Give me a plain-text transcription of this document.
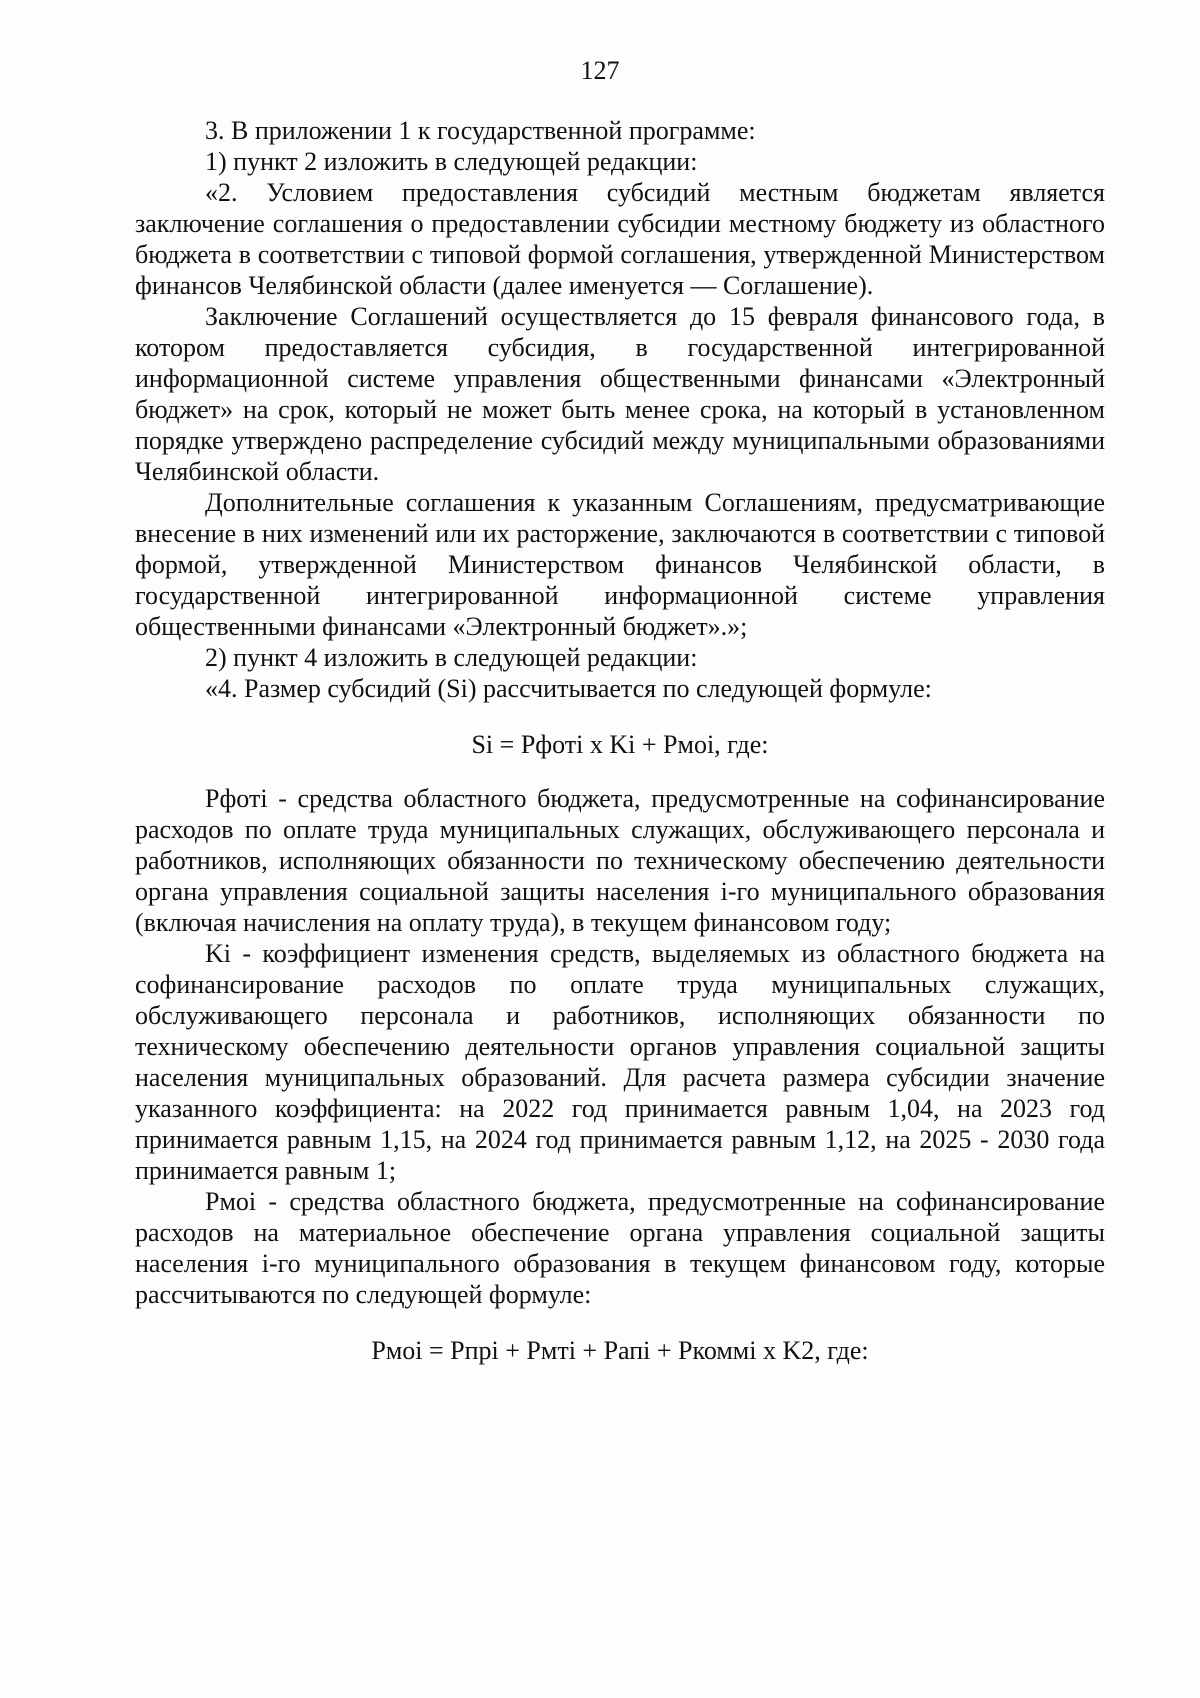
127

3. В приложении 1 к государственной программе:

1) пункт 2 изложить в следующей редакции:

«2. Условием предоставления субсидий местным бюджетам является заключение соглашения о предоставлении субсидии местному бюджету из областного бюджета в соответствии с типовой формой соглашения, утвержденной Министерством финансов Челябинской области (далее именуется — Соглашение).

Заключение Соглашений осуществляется до 15 февраля финансового года, в котором предоставляется субсидия, в государственной интегрированной информационной системе управления общественными финансами «Электронный бюджет» на срок, который не может быть менее срока, на который в установленном порядке утверждено распределение субсидий между муниципальными образованиями Челябинской области.

Дополнительные соглашения к указанным Соглашениям, предусматривающие внесение в них изменений или их расторжение, заключаются в соответствии с типовой формой, утвержденной Министерством финансов Челябинской области, в государственной интегрированной информационной системе управления общественными финансами «Электронный бюджет».»;

2) пункт 4 изложить в следующей редакции:

«4. Размер субсидий (Si) рассчитывается по следующей формуле:

Si = Рфотi x Ki + Рмоi, где:

Рфотi - средства областного бюджета, предусмотренные на софинансирование расходов по оплате труда муниципальных служащих, обслуживающего персонала и работников, исполняющих обязанности по техническому обеспечению деятельности органа управления социальной защиты населения i-го муниципального образования (включая начисления на оплату труда), в текущем финансовом году;

Ki - коэффициент изменения средств, выделяемых из областного бюджета на софинансирование расходов по оплате труда муниципальных служащих, обслуживающего персонала и работников, исполняющих обязанности по техническому обеспечению деятельности органов управления социальной защиты населения муниципальных образований. Для расчета размера субсидии значение указанного коэффициента: на 2022 год принимается равным 1,04, на 2023 год принимается равным 1,15, на 2024 год принимается равным 1,12, на 2025 - 2030 года принимается равным 1;

Рмоi - средства областного бюджета, предусмотренные на софинансирование расходов на материальное обеспечение органа управления социальной защиты населения i-го муниципального образования в текущем финансовом году, которые рассчитываются по следующей формуле:

Рмоi = Рпрi + Рмтi + Рапi + Ркоммi x K2, где:
